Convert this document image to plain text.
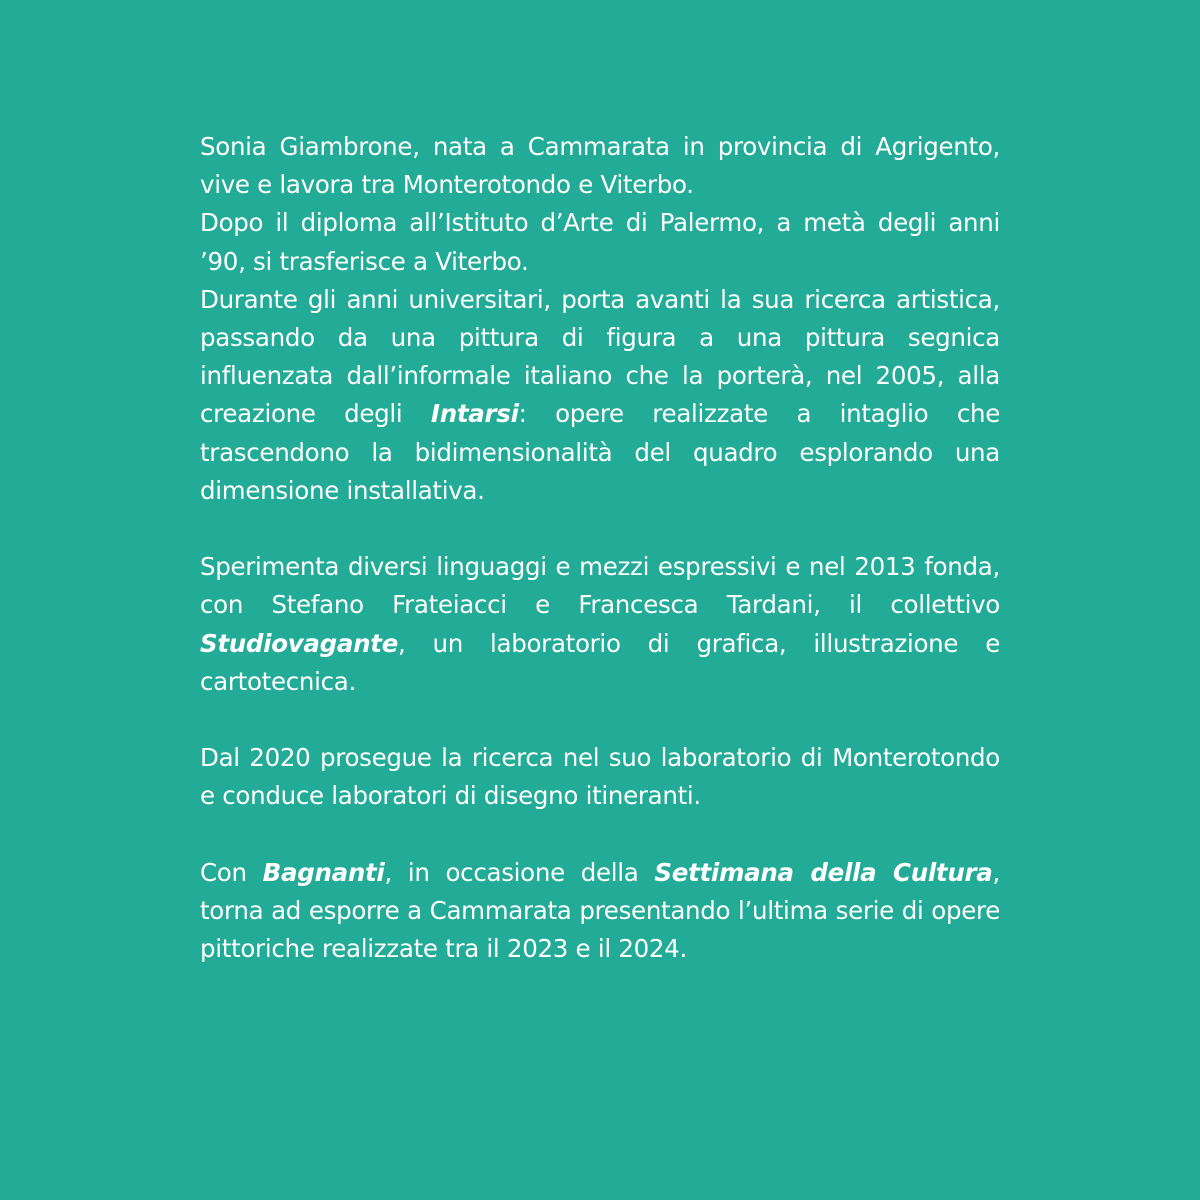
Sonia Giambrone, nata a Cammarata in provincia di Agrigento, vive e lavora tra Monterotondo e Viterbo.

Dopo il diploma all’Istituto d’Arte di Palermo, a metà degli anni ’90, si trasferisce a Viterbo.

Durante gli anni universitari, porta avanti la sua ricerca artistica, passando da una pittura di figura a una pittura segnica influenzata dall’informale italiano che la porterà, nel 2005, alla creazione degli Intarsi: opere realizzate a intaglio che trascendono la bidimensionalità del quadro esplorando una dimensione installativa.

Sperimenta diversi linguaggi e mezzi espressivi e nel 2013 fonda, con Stefano Frateiacci e Francesca Tardani, il collettivo Studiovagante, un laboratorio di grafica, illustrazione e cartotecnica.

Dal 2020 prosegue la ricerca nel suo laboratorio di Monterotondo e conduce laboratori di disegno itineranti.

Con Bagnanti, in occasione della Settimana della Cultura, torna ad esporre a Cammarata presentando l’ultima serie di opere pittoriche realizzate tra il 2023 e il 2024.
